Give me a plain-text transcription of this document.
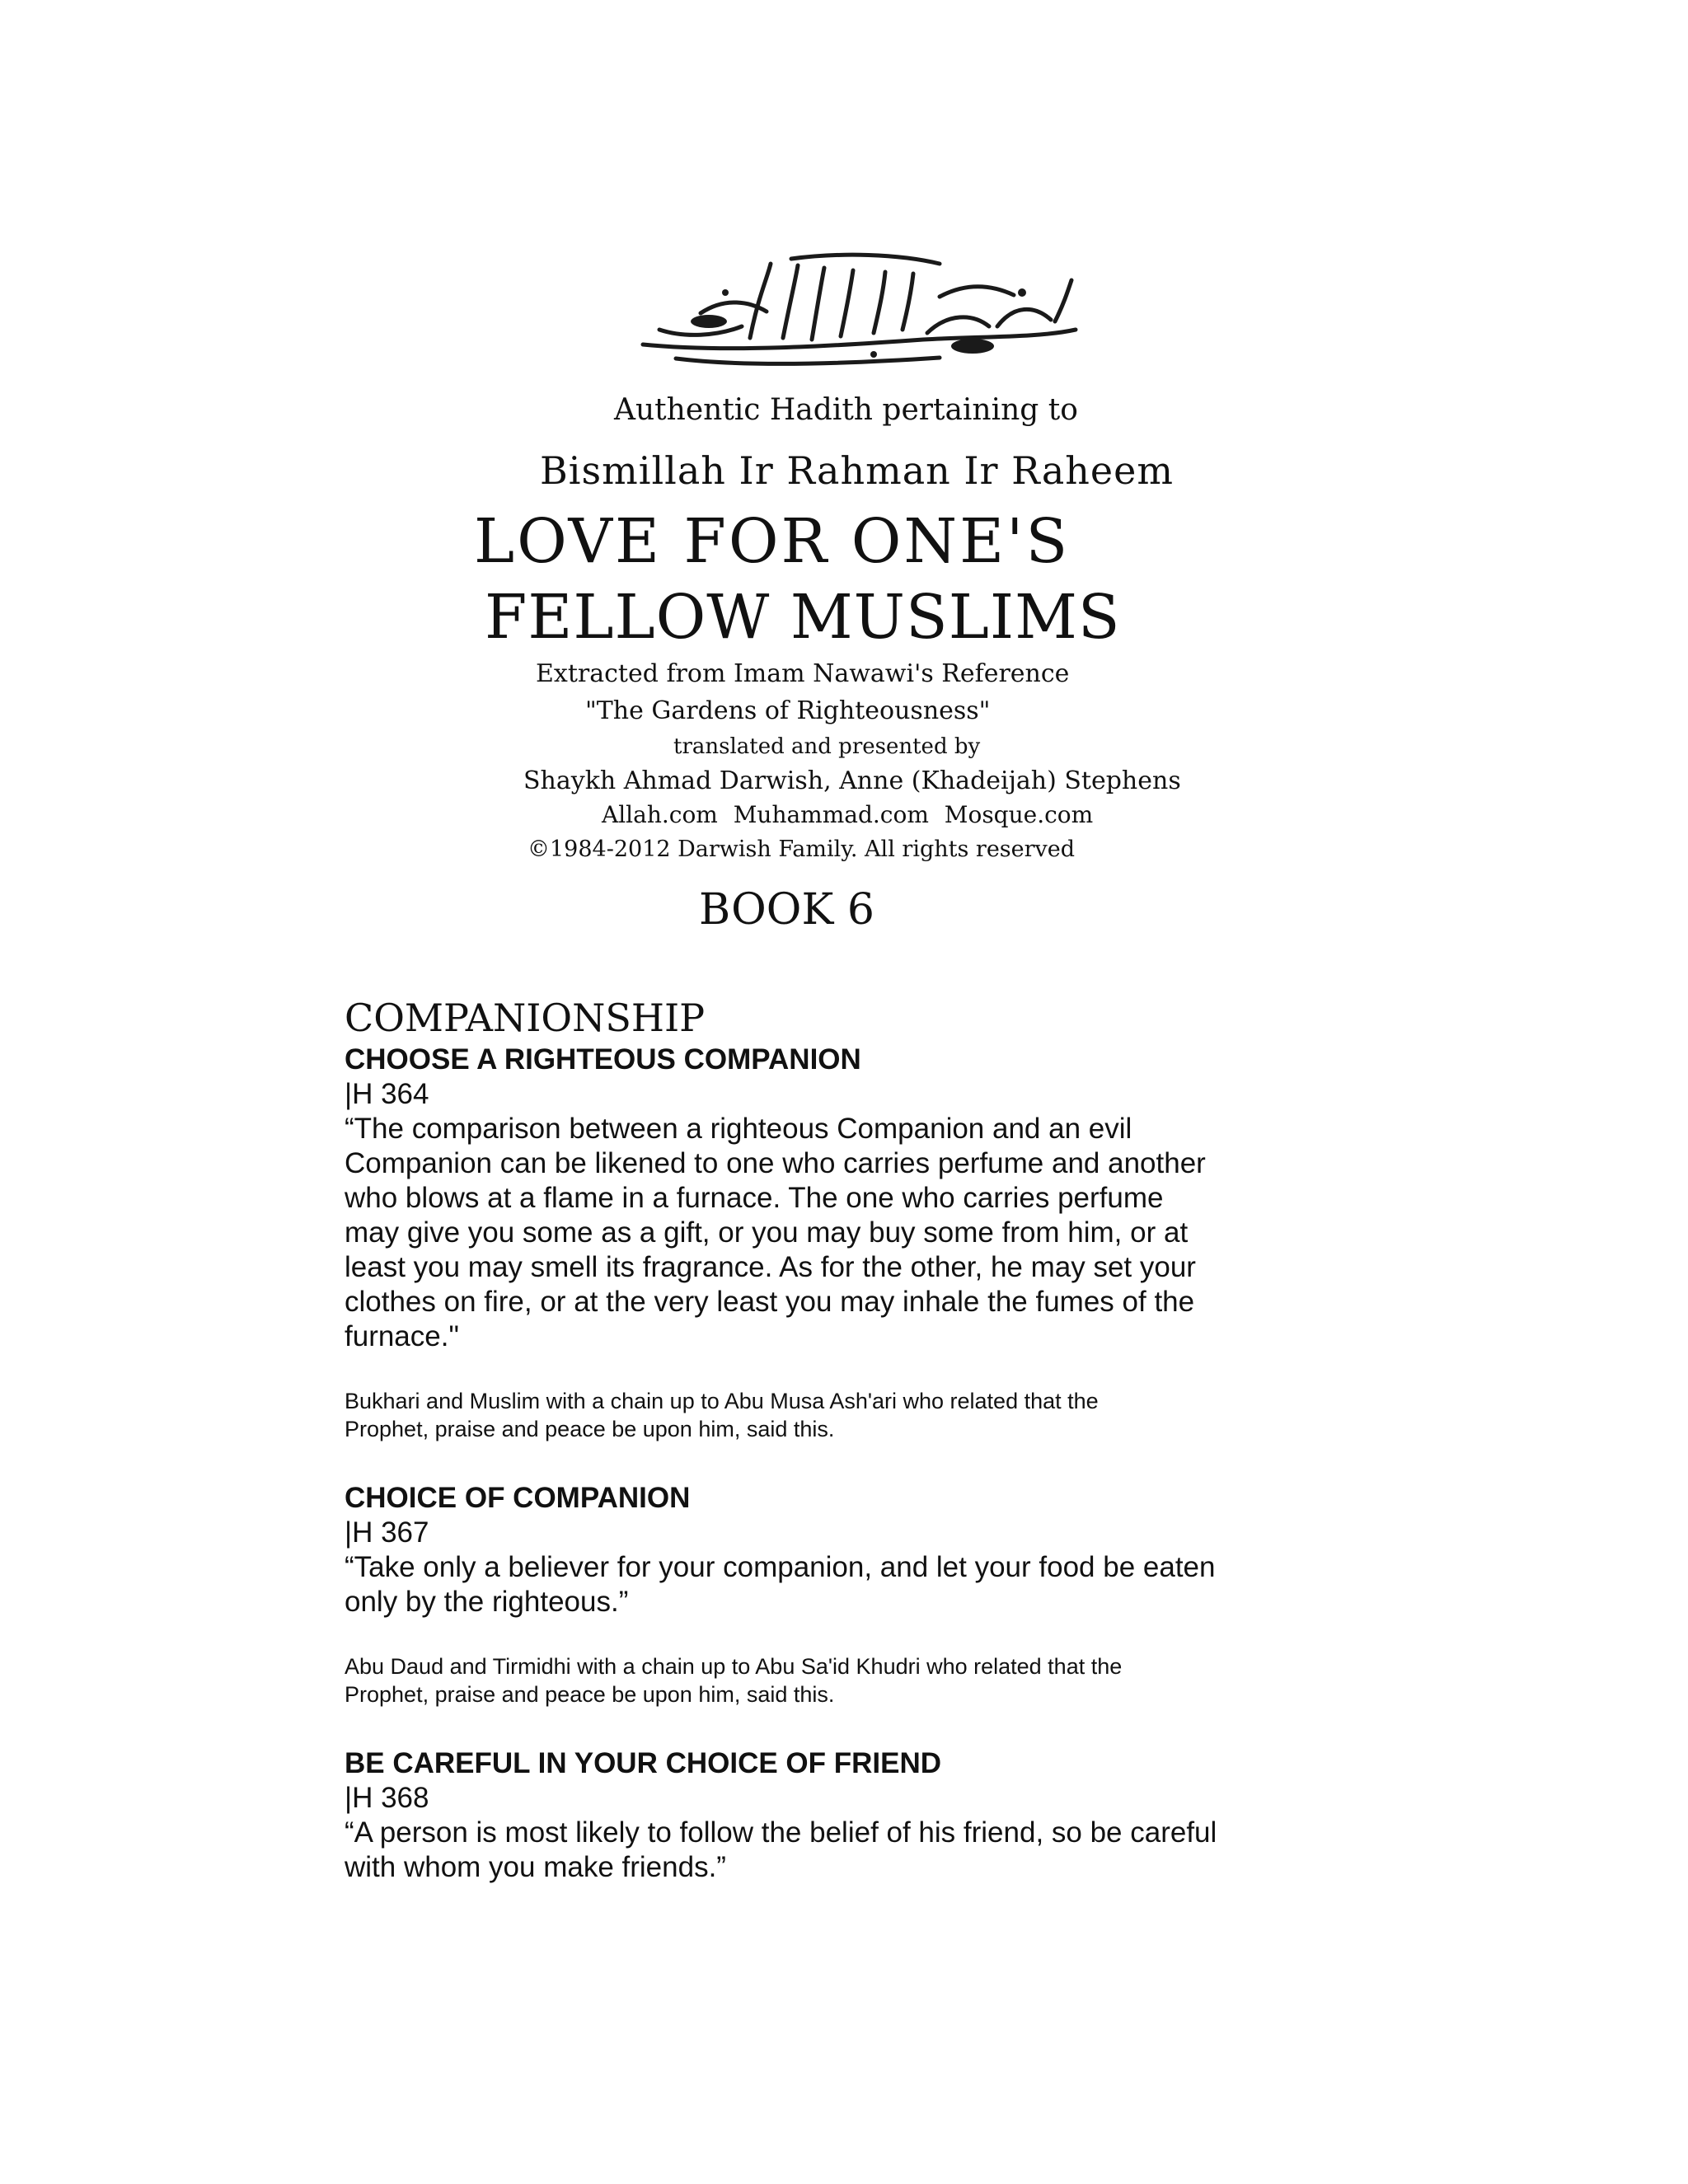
Authentic Hadith pertaining to
Bismillah Ir Rahman Ir Raheem
LOVE FOR ONE'S
FELLOW MUSLIMS
Extracted from Imam Nawawi's Reference
"The Gardens of Righteousness"
translated and presented by
Shaykh Ahmad Darwish, Anne (Khadeijah) Stephens
Allah.com Muhammad.com Mosque.com
©1984-2012 Darwish Family. All rights reserved
BOOK 6
COMPANIONSHIP
CHOOSE A RIGHTEOUS COMPANION
|H 364
“The comparison between a righteous Companion and an evil
Companion can be likened to one who carries perfume and another
who blows at a flame in a furnace. The one who carries perfume
may give you some as a gift, or you may buy some from him, or at
least you may smell its fragrance. As for the other, he may set your
clothes on fire, or at the very least you may inhale the fumes of the
furnace."
Bukhari and Muslim with a chain up to Abu Musa Ash'ari who related that the
Prophet, praise and peace be upon him, said this.
CHOICE OF COMPANION
|H 367
“Take only a believer for your companion, and let your food be eaten
only by the righteous.”
Abu Daud and Tirmidhi with a chain up to Abu Sa'id Khudri who related that the
Prophet, praise and peace be upon him, said this.
BE CAREFUL IN YOUR CHOICE OF FRIEND
|H 368
“A person is most likely to follow the belief of his friend, so be careful
with whom you make friends.”
